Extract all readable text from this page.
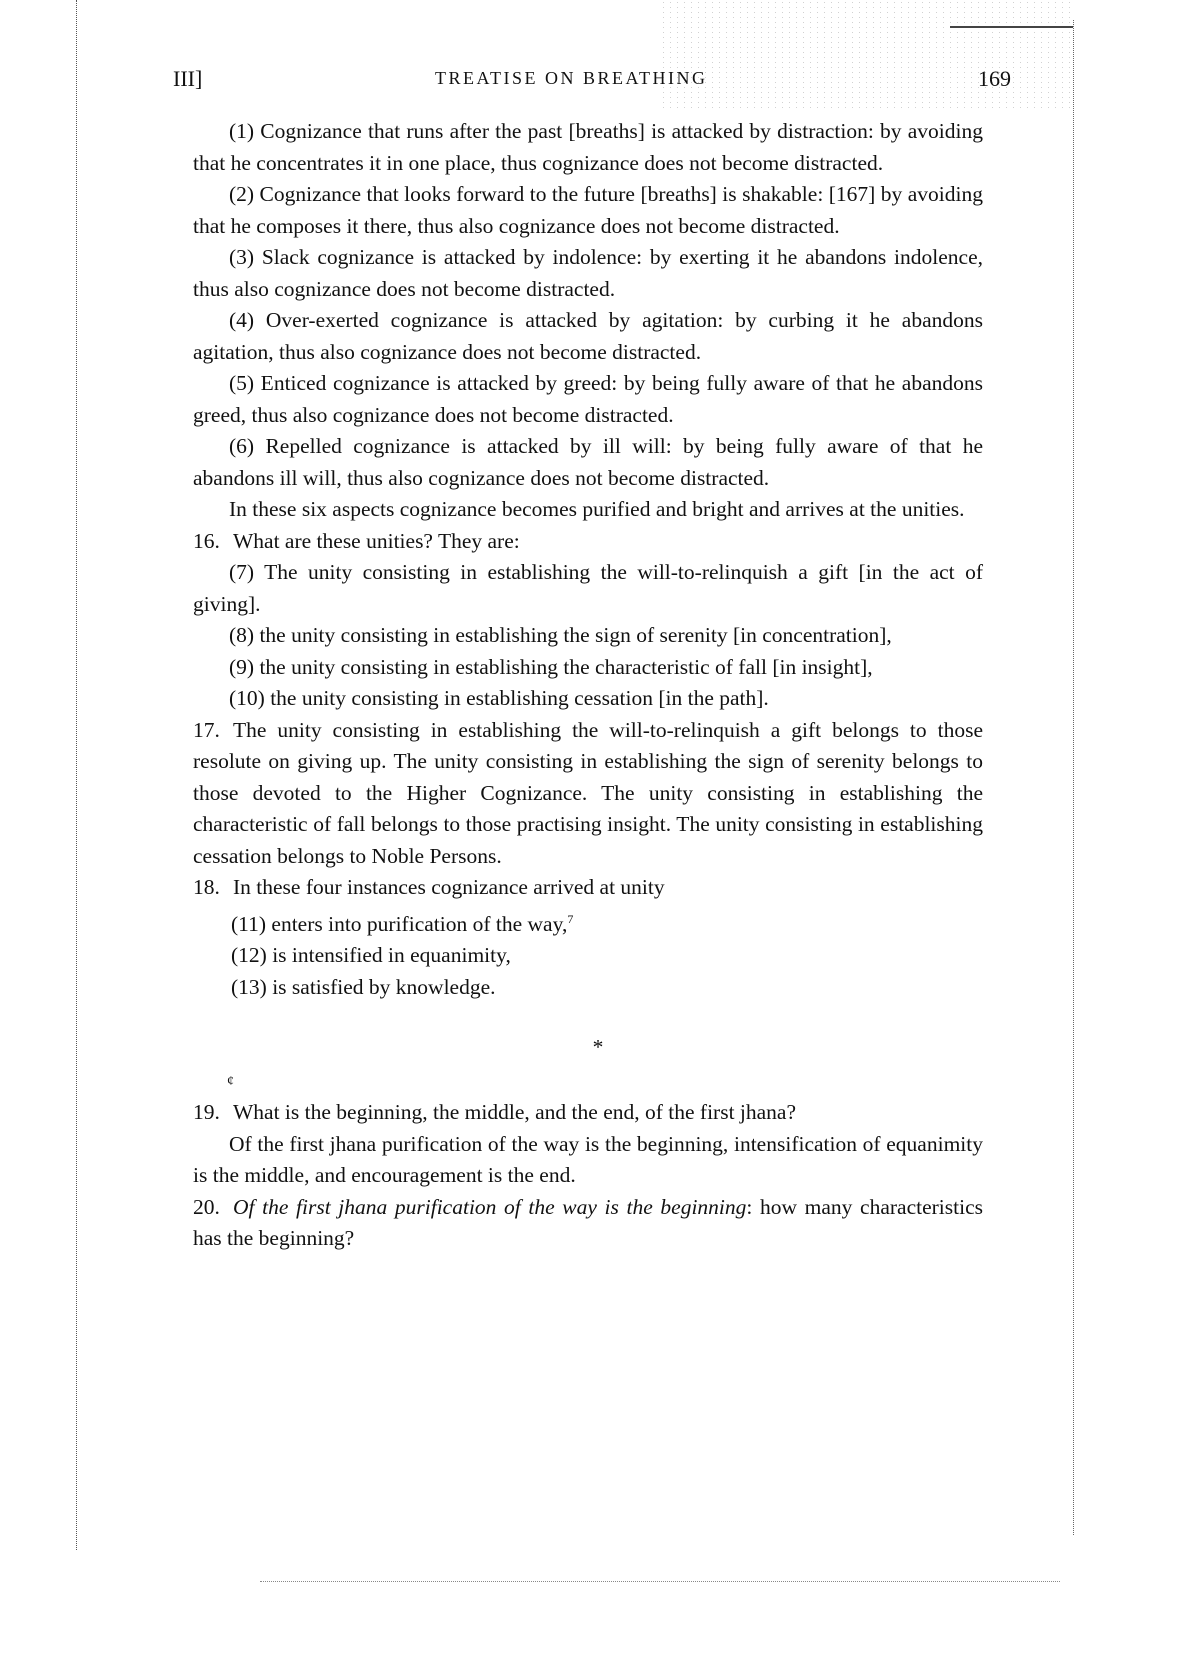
III]	TREATISE ON BREATHING	169

(1) Cognizance that runs after the past [breaths] is attacked by distraction: by avoiding that he concentrates it in one place, thus cognizance does not become distracted.

(2) Cognizance that looks forward to the future [breaths] is shakable: [167] by avoiding that he composes it there, thus also cognizance does not become distracted.

(3) Slack cognizance is attacked by indolence: by exerting it he abandons indolence, thus also cognizance does not become distracted.

(4) Over-exerted cognizance is attacked by agitation: by curbing it he abandons agitation, thus also cognizance does not become distracted.

(5) Enticed cognizance is attacked by greed: by being fully aware of that he abandons greed, thus also cognizance does not become distracted.

(6) Repelled cognizance is attacked by ill will: by being fully aware of that he abandons ill will, thus also cognizance does not become distracted.

In these six aspects cognizance becomes purified and bright and arrives at the unities.

16. What are these unities? They are:

(7) The unity consisting in establishing the will-to-relinquish a gift [in the act of giving].

(8) the unity consisting in establishing the sign of serenity [in concentration],

(9) the unity consisting in establishing the characteristic of fall [in insight],

(10) the unity consisting in establishing cessation [in the path].

17. The unity consisting in establishing the will-to-relinquish a gift belongs to those resolute on giving up. The unity consisting in establishing the sign of serenity belongs to those devoted to the Higher Cognizance. The unity consisting in establishing the characteristic of fall belongs to those practising insight. The unity consisting in establishing cessation belongs to Noble Persons.

18. In these four instances cognizance arrived at unity

(11) enters into purification of the way,$^7$

(12) is intensified in equanimity,

(13) is satisfied by knowledge.

*
¢

19. What is the beginning, the middle, and the end, of the first jhana?

Of the first jhana purification of the way is the beginning, intensification of equanimity is the middle, and encouragement is the end.

20. Of the first jhana purification of the way is the beginning: how many characteristics has the beginning?
